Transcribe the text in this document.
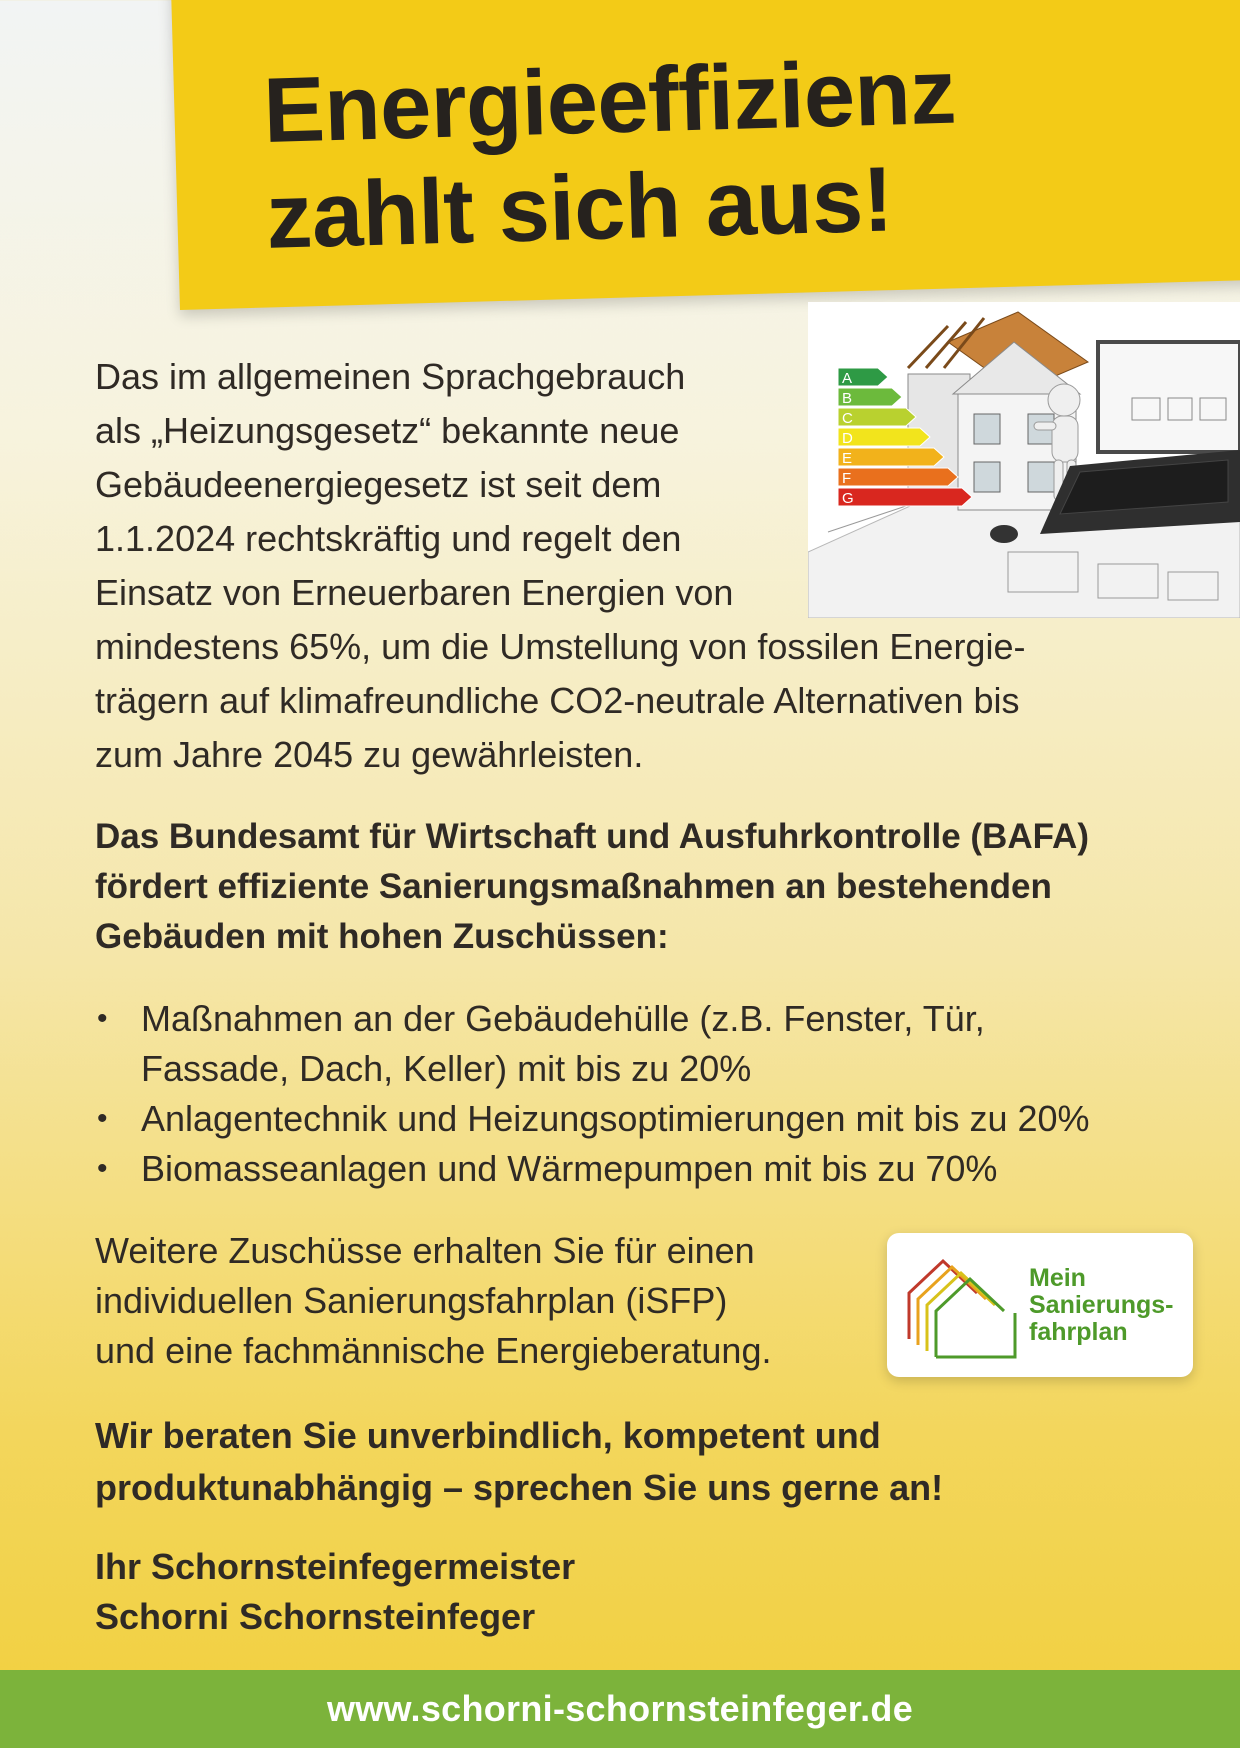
Energieeffizienz
zahlt sich aus!
A
B
C
D
E
F
G
Das im allgemeinen Sprachgebrauch
als „Heizungsgesetz“ bekannte neue
Gebäudeenergiegesetz ist seit dem
1.1.2024 rechtskräftig und regelt den
Einsatz von Erneuerbaren Energien von
mindestens 65%, um die Umstellung von fossilen Energie-
trägern auf klimafreundliche CO2-neutrale Alternativen bis
zum Jahre 2045 zu gewährleisten.
Das Bundesamt für Wirtschaft und Ausfuhrkontrolle (BAFA)
fördert effiziente Sanierungsmaßnahmen an bestehenden
Gebäuden mit hohen Zuschüssen:
• Maßnahmen an der Gebäudehülle (z.B. Fenster, Tür,
Fassade, Dach, Keller) mit bis zu 20%
• Anlagentechnik und Heizungsoptimierungen mit bis zu 20%
• Biomasseanlagen und Wärmepumpen mit bis zu 70%
Weitere Zuschüsse erhalten Sie für einen
individuellen Sanierungsfahrplan (iSFP)
und eine fachmännische Energieberatung.
Mein
Sanierungs-
fahrplan
Wir beraten Sie unverbindlich, kompetent und
produktunabhängig – sprechen Sie uns gerne an!
Ihr Schornsteinfegermeister
Schorni Schornsteinfeger
www.schorni-schornsteinfeger.de
